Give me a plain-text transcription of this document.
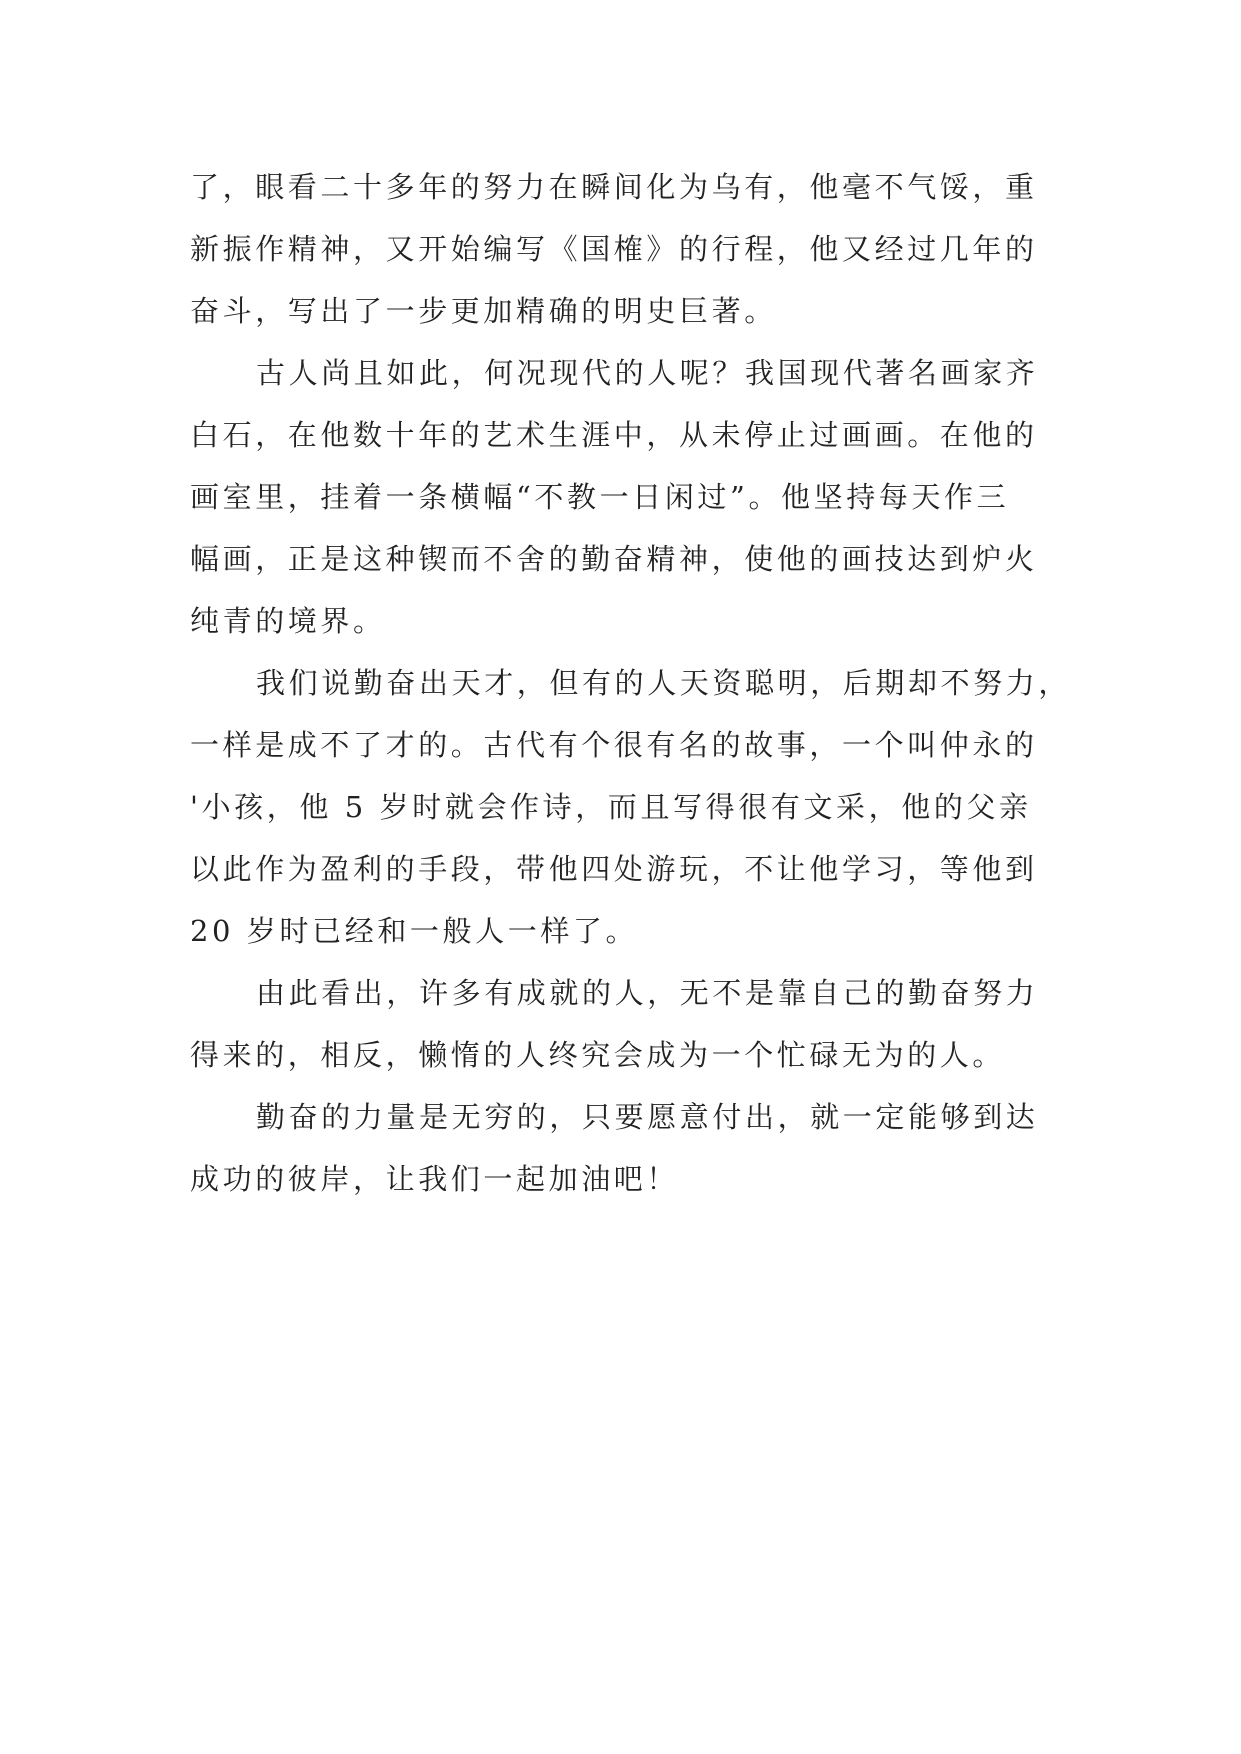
了，眼看二十多年的努力在瞬间化为乌有，他毫不气馁，重
新振作精神，又开始编写《国榷》的行程，他又经过几年的
奋斗，写出了一步更加精确的明史巨著。
古人尚且如此，何况现代的人呢？我国现代著名画家齐
白石，在他数十年的艺术生涯中，从未停止过画画。在他的
画室里，挂着一条横幅“不教一日闲过”。他坚持每天作三
幅画，正是这种锲而不舍的勤奋精神，使他的画技达到炉火
纯青的境界。
我们说勤奋出天才，但有的人天资聪明，后期却不努力，
一样是成不了才的。古代有个很有名的故事，一个叫仲永的
'小孩，他 5 岁时就会作诗，而且写得很有文采，他的父亲
以此作为盈利的手段，带他四处游玩，不让他学习，等他到
20 岁时已经和一般人一样了。
由此看出，许多有成就的人，无不是靠自己的勤奋努力
得来的，相反，懒惰的人终究会成为一个忙碌无为的人。
勤奋的力量是无穷的，只要愿意付出，就一定能够到达
成功的彼岸，让我们一起加油吧！
